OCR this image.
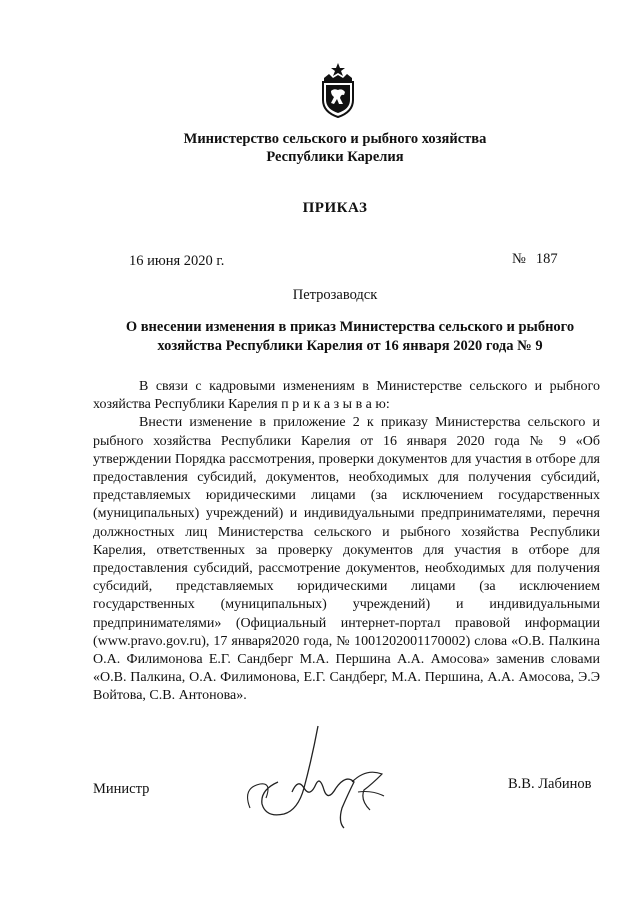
Министерство сельского и рыбного хозяйства
Республики Карелия
ПРИКАЗ
16 июня 2020 г.	№ 187
Петрозаводск
О внесении изменения в приказ Министерства сельского и рыбного
хозяйства Республики Карелия от 16 января 2020 года № 9

В связи с кадровыми изменениям в Министерстве сельского и рыбного хозяйства Республики Карелия п р и к а з ы в а ю:

Внести изменение в приложение 2 к приказу Министерства сельского и рыбного хозяйства Республики Карелия от 16 января 2020 года № 9 «Об утверждении Порядка рассмотрения, проверки документов для участия в отборе для предоставления субсидий, документов, необходимых для получения субсидий, представляемых юридическими лицами (за исключением государственных (муниципальных) учреждений) и индивидуальными предпринимателями, перечня должностных лиц Министерства сельского и рыбного хозяйства Республики Карелия, ответственных за проверку документов для участия в отборе для предоставления субсидий, рассмотрение документов, необходимых для получения субсидий, представляемых юридическими лицами (за исключением государственных (муниципальных) учреждений) и индивидуальными предпринимателями» (Официальный интернет-портал правовой информации (www.pravo.gov.ru), 17 января2020 года, № 1001202001170002) слова «О.В. Палкина О.А. Филимонова Е.Г. Сандберг М.А. Першина А.А. Амосова» заменив словами «О.В. Палкина, О.А. Филимонова, Е.Г. Сандберг, М.А. Першина, А.А. Амосова, Э.Э Войтова, С.В. Антонова».

Министр	В.В. Лабинов
